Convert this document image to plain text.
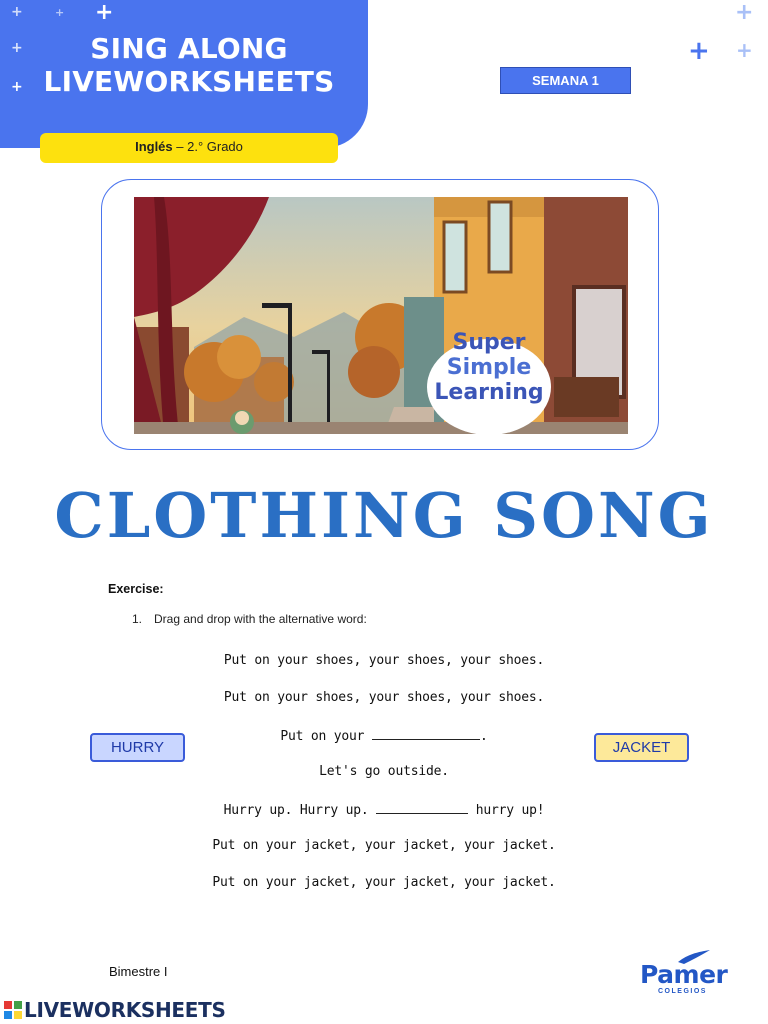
+	+ +
+
+
SING ALONG
LIVEWORKSHEETS
Inglés – 2.° Grado
+
+ +
SEMANA 1
Super
Simple
Learning
CLOTHING SONG
Exercise:
1. Drag and drop with the alternative word:
Put on your shoes, your shoes, your shoes.
Put on your shoes, your shoes, your shoes.
Put on your	.
Let's go outside.
Hurry up. Hurry up.	hurry up!
Put on your jacket, your jacket, your jacket.
Put on your jacket, your jacket, your jacket.
HURRY	JACKET
Bimestre I	Pamer
COLEGIOS
LIVEWORKSHEETS
